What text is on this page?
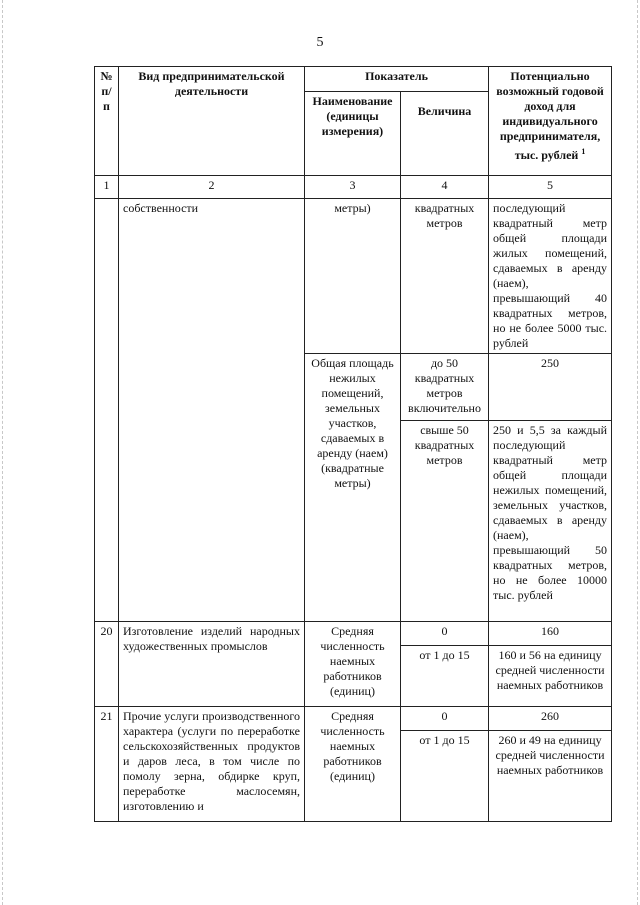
5
№ п/п	Вид предпринимательской деятельности	Показатель		Потенциально возможный годовой доход для индивидуального предпринимателя, тыс. рублей $^1$
		Наименование (единицы измерения)	Величина	
1	2	3	4	5
	собственности	метры)	квадратных метров	последующий квадратный метр общей площади жилых помещений, сдаваемых в аренду (наем), превышающий 40 квадратных метров, но не более 5000 тыс. рублей
		Общая площадь нежилых помещений, земельных участков, сдаваемых в аренду (наем) (квадратные метры)	до 50 квадратных метров включительно	250
			свыше 50 квадратных метров	250 и 5,5 за каждый последующий квадратный метр общей площади нежилых помещений, земельных участков, сдаваемых в аренду (наем), превышающий 50 квадратных метров, но не более 10000 тыс. рублей
20	Изготовление изделий народных художественных промыслов	Средняя численность наемных работников (единиц)	0	160
			от 1 до 15	160 и 56 на единицу средней численности наемных работников
21	Прочие услуги производственного характера (услуги по переработке сельскохозяйственных продуктов и даров леса, в том числе по помолу зерна, обдирке круп, переработке маслосемян, изготовлению и	Средняя численность наемных работников (единиц)	0	260
			от 1 до 15	260 и 49 на единицу средней численности наемных работников
